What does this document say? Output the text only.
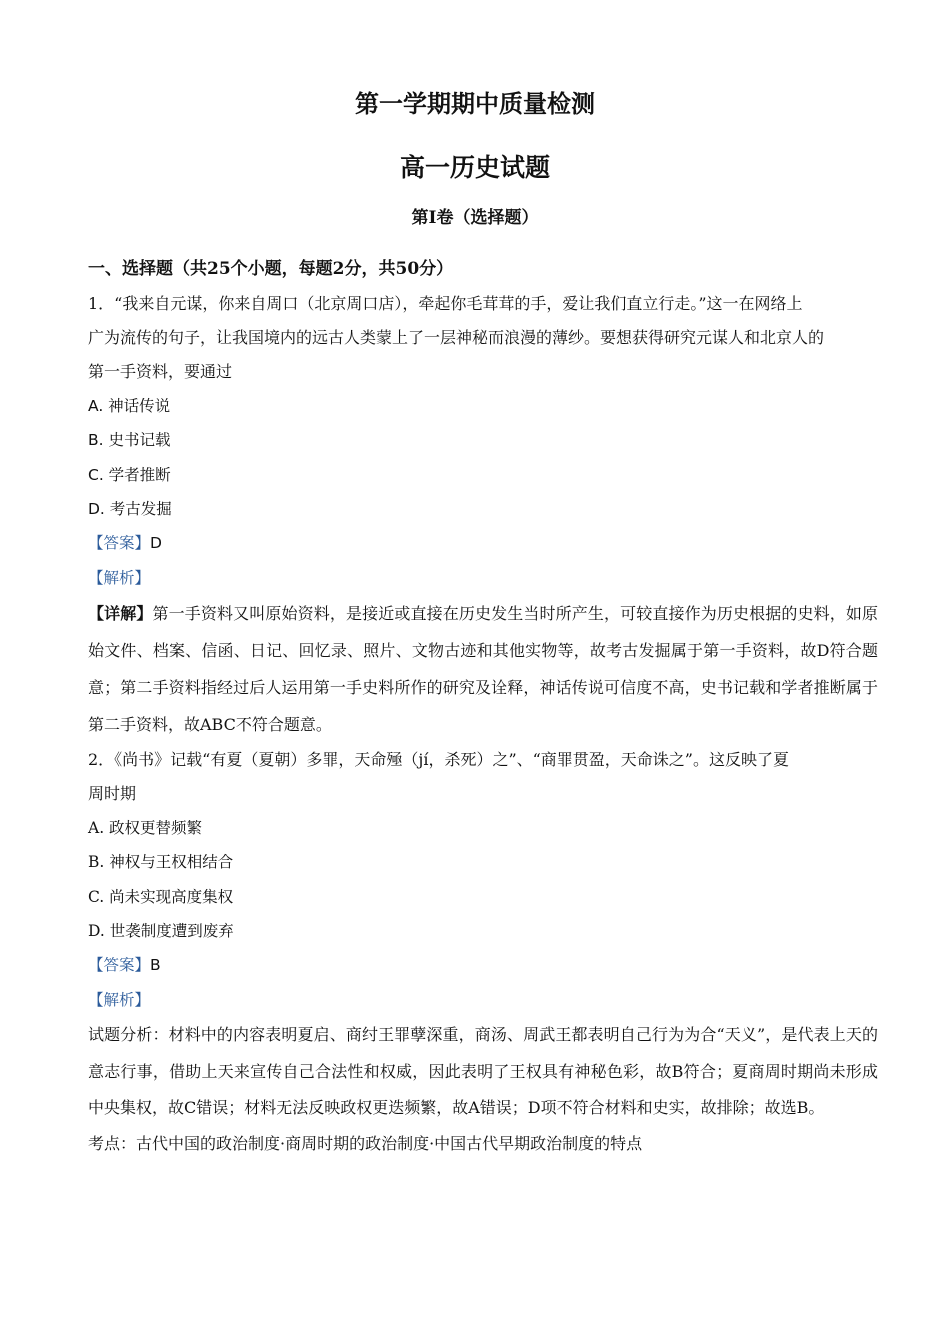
第一学期期中质量检测
高一历史试题
第Ⅰ卷（选择题）
一、选择题（共25个小题，每题2分，共50分）
1．“我来自元谋，你来自周口（北京周口店），牵起你毛茸茸的手，爱让我们直立行走。”这一在网络上
广为流传的句子，让我国境内的远古人类蒙上了一层神秘而浪漫的薄纱。要想获得研究元谋人和北京人的
第一手资料，要通过
A. 神话传说
B. 史书记载
C. 学者推断
D. 考古发掘
【答案】D
【解析】
【详解】第一手资料又叫原始资料，是接近或直接在历史发生当时所产生，可较直接作为历史根据的史料，如原始文件、档案、信函、日记、回忆录、照片、文物古迹和其他实物等，故考古发掘属于第一手资料，故D符合题意；第二手资料指经过后人运用第一手史料所作的研究及诠释，神话传说可信度不高，史书记载和学者推断属于第二手资料，故ABC不符合题意。
2．《尚书》记载“有夏（夏朝）多罪，天命殛（jí，杀死）之”、“商罪贯盈，天命诛之”。这反映了夏
周时期
A. 政权更替频繁
B. 神权与王权相结合
C. 尚未实现高度集权
D. 世袭制度遭到废弃
【答案】B
【解析】
试题分析：材料中的内容表明夏启、商纣王罪孽深重，商汤、周武王都表明自己行为为合“天义”，是代表上天的意志行事，借助上天来宣传自己合法性和权威，因此表明了王权具有神秘色彩，故B符合；夏商周时期尚未形成中央集权，故C错误；材料无法反映政权更迭频繁，故A错误；D项不符合材料和史实，故排除；故选B。
考点：古代中国的政治制度·商周时期的政治制度·中国古代早期政治制度的特点
